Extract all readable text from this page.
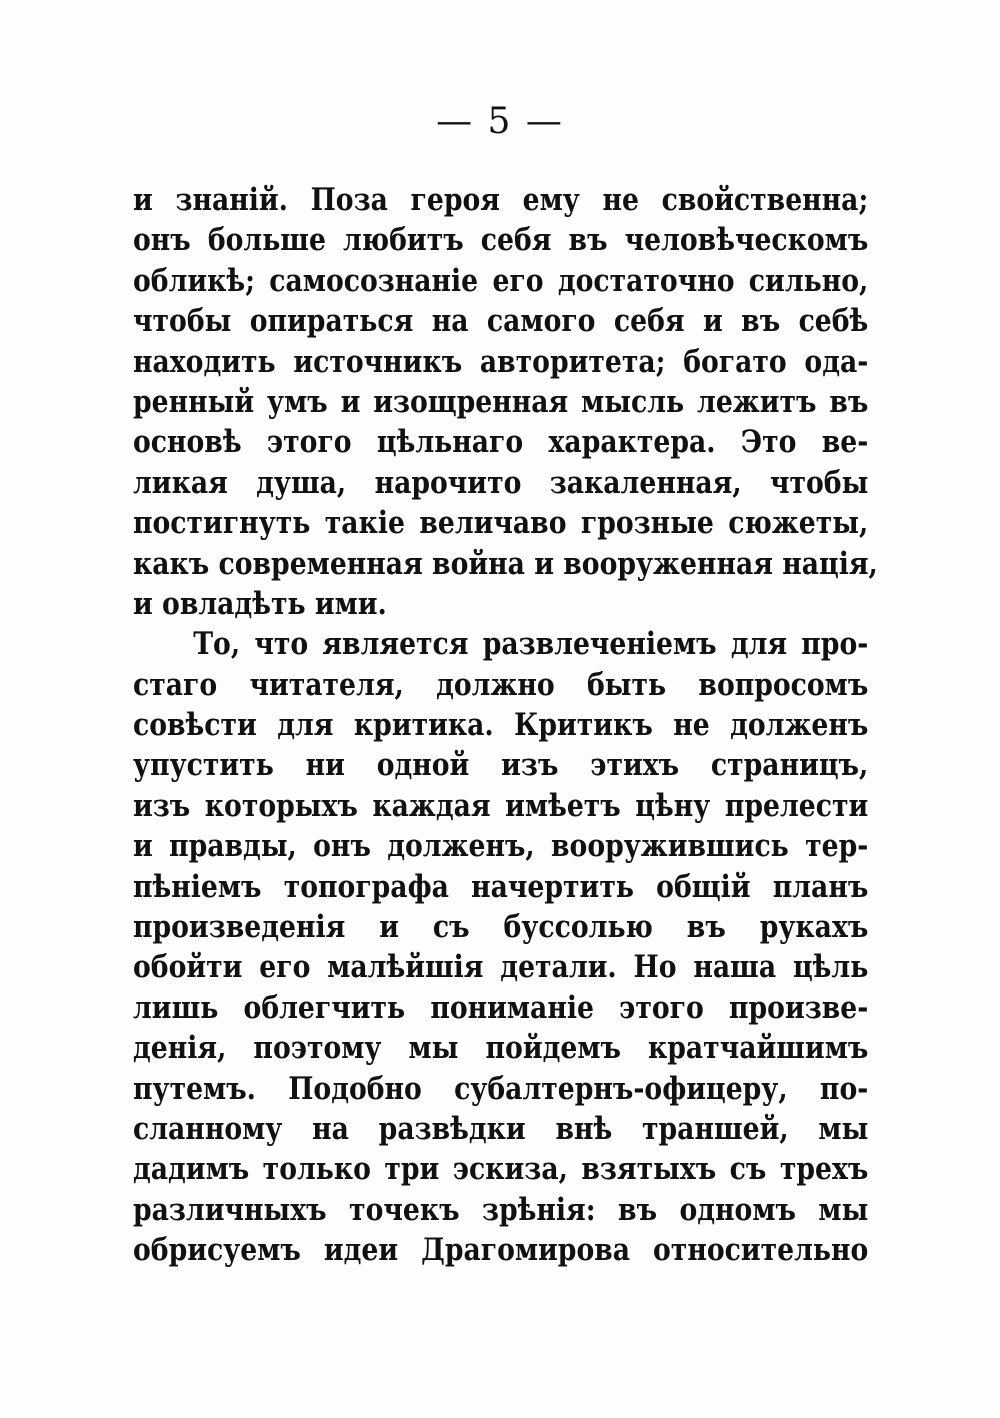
— 5 —
и знаній. Поза героя ему не свойственна;
онъ больше любитъ себя въ человѣческомъ
обликѣ; самосознаніе его достаточно сильно,
чтобы опираться на самого себя и въ себѣ
находить источникъ авторитета; богато ода-
ренный умъ и изощренная мысль лежитъ въ
основѣ этого цѣльнаго характера. Это ве-
ликая душа, нарочито закаленная, чтобы
постигнуть такіе величаво грозные сюжеты,
какъ современная война и вооруженная нація,
и овладѣть ими.
То, что является развлеченіемъ для про-
стаго читателя, должно быть вопросомъ
совѣсти для критика. Критикъ не долженъ
упустить ни одной изъ этихъ страницъ,
изъ которыхъ каждая имѣетъ цѣну прелести
и правды, онъ долженъ, вооружившись тер-
пѣніемъ топографа начертить общій планъ
произведенія и съ буссолью въ рукахъ
обойти его малѣйшія детали. Но наша цѣль
лишь облегчить пониманіе этого произве-
денія, поэтому мы пойдемъ кратчайшимъ
путемъ. Подобно субалтернъ-офицеру, по-
сланному на развѣдки внѣ траншей, мы
дадимъ только три эскиза, взятыхъ съ трехъ
различныхъ точекъ зрѣнія: въ одномъ мы
обрисуемъ идеи Драгомирова относительно
